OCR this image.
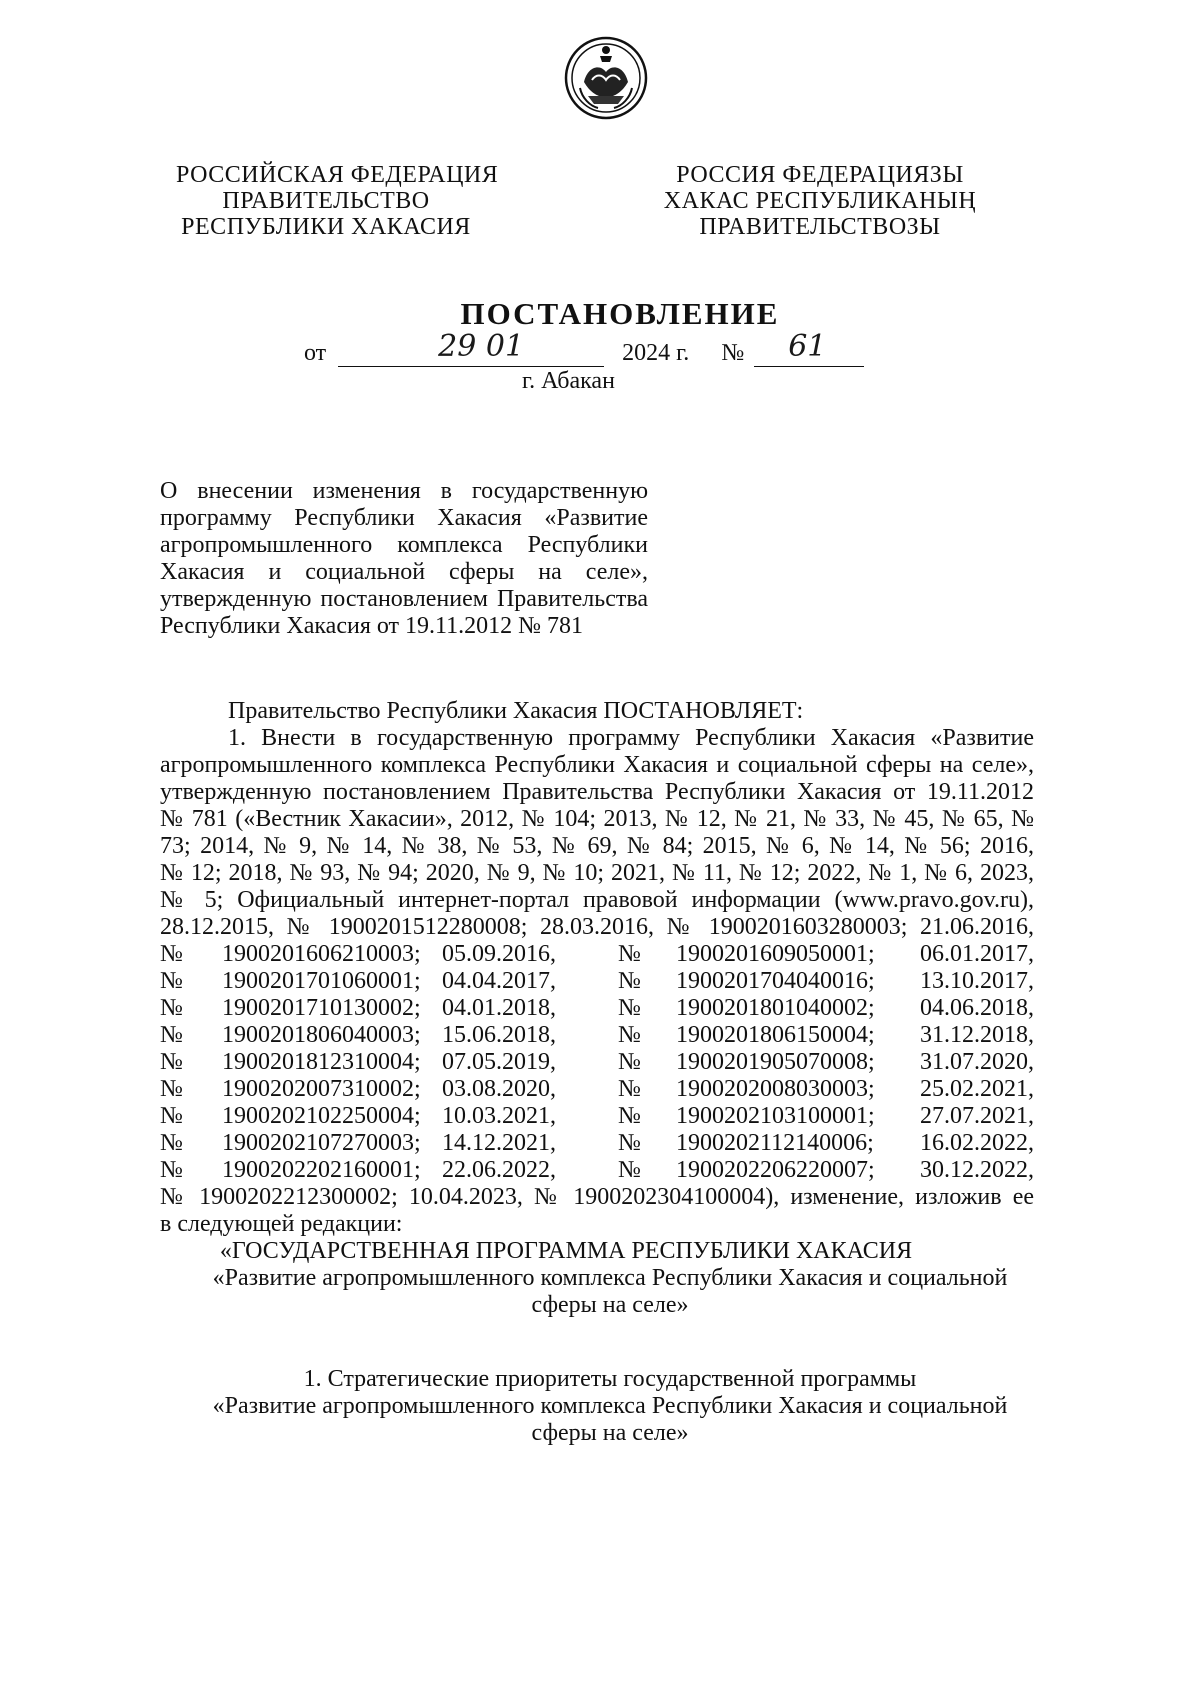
РОССИЙСКАЯ ФЕДЕРАЦИЯ
ПРАВИТЕЛЬСТВО
РЕСПУБЛИКИ ХАКАСИЯ
РОССИЯ ФЕДЕРАЦИЯЗЫ
ХАКАС РЕСПУБЛИКАНЫҢ
ПРАВИТЕЛЬСТВОЗЫ
ПОСТАНОВЛЕНИЕ
от	29 01	2024 г. № 61
г. Абакан
О внесении изменения в государственную программу Республики Хакасия «Развитие агропромышленного комплекса Республики Хакасия и социальной сферы на селе», утвержденную постановлением Правительства Республики Хакасия от 19.11.2012 № 781
Правительство Республики Хакасия ПОСТАНОВЛЯЕТ:
1. Внести в государственную программу Республики Хакасия «Развитие
агропромышленного комплекса Республики Хакасия и социальной сферы на селе»,
утвержденную постановлением Правительства Республики Хакасия от 19.11.2012
№ 781 («Вестник Хакасии», 2012, № 104; 2013, № 12, № 21, № 33, № 45, № 65, №
73; 2014, № 9, № 14, № 38, № 53, № 69, № 84; 2015, № 6, № 14, № 56; 2016,
№ 12; 2018, № 93, № 94; 2020, № 9, № 10; 2021, № 11, № 12; 2022, № 1, № 6, 2023,
№ 5; Официальный интернет-портал правовой информации (www.pravo.gov.ru),
28.12.2015, № 1900201512280008; 28.03.2016, № 1900201603280003; 21.06.2016,
№	1900201606210003;	05.09.2016,	№	1900201609050001;	06.01.2017,
№	1900201701060001;	04.04.2017,	№	1900201704040016;	13.10.2017,
№	1900201710130002;	04.01.2018,	№	1900201801040002;	04.06.2018,
№	1900201806040003;	15.06.2018,	№	1900201806150004;	31.12.2018,
№	1900201812310004;	07.05.2019,	№	1900201905070008;	31.07.2020,
№	1900202007310002;	03.08.2020,	№	1900202008030003;	25.02.2021,
№	1900202102250004;	10.03.2021,	№	1900202103100001;	27.07.2021,
№	1900202107270003;	14.12.2021,	№	1900202112140006;	16.02.2022,
№	1900202202160001;	22.06.2022,	№	1900202206220007;	30.12.2022,
№ 1900202212300002; 10.04.2023, № 1900202304100004), изменение, изложив ее
в следующей редакции:
«ГОСУДАРСТВЕННАЯ ПРОГРАММА РЕСПУБЛИКИ ХАКАСИЯ
«Развитие агропромышленного комплекса Республики Хакасия и социальной
сферы на селе»
1. Стратегические приоритеты государственной программы
«Развитие агропромышленного комплекса Республики Хакасия и социальной
сферы на селе»
